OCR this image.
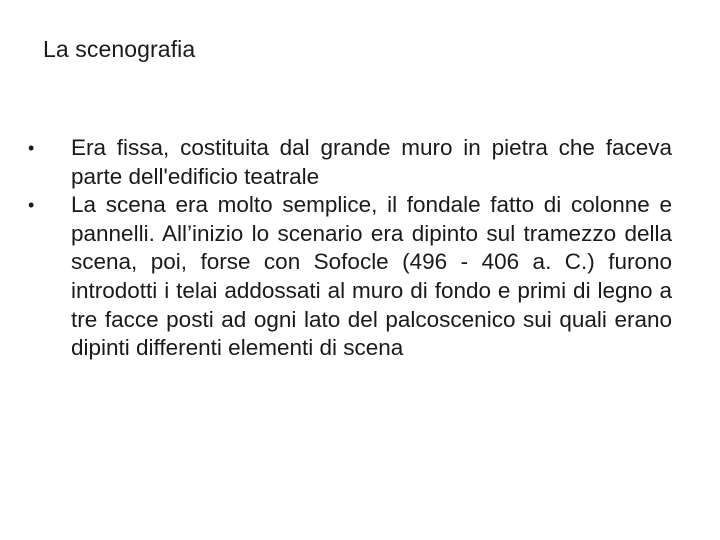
La scenografia
•	Era fissa, costituita dal grande muro in pietra che faceva parte dell'edificio teatrale
•	La scena era molto semplice, il fondale fatto di colonne e pannelli. All’inizio lo scenario era dipinto sul tramezzo della scena, poi, forse con Sofocle (496 - 406 a. C.) furono introdotti i telai addossati al muro di fondo e primi di legno a tre facce posti ad ogni lato del palcoscenico sui quali erano dipinti differenti elementi di scena
